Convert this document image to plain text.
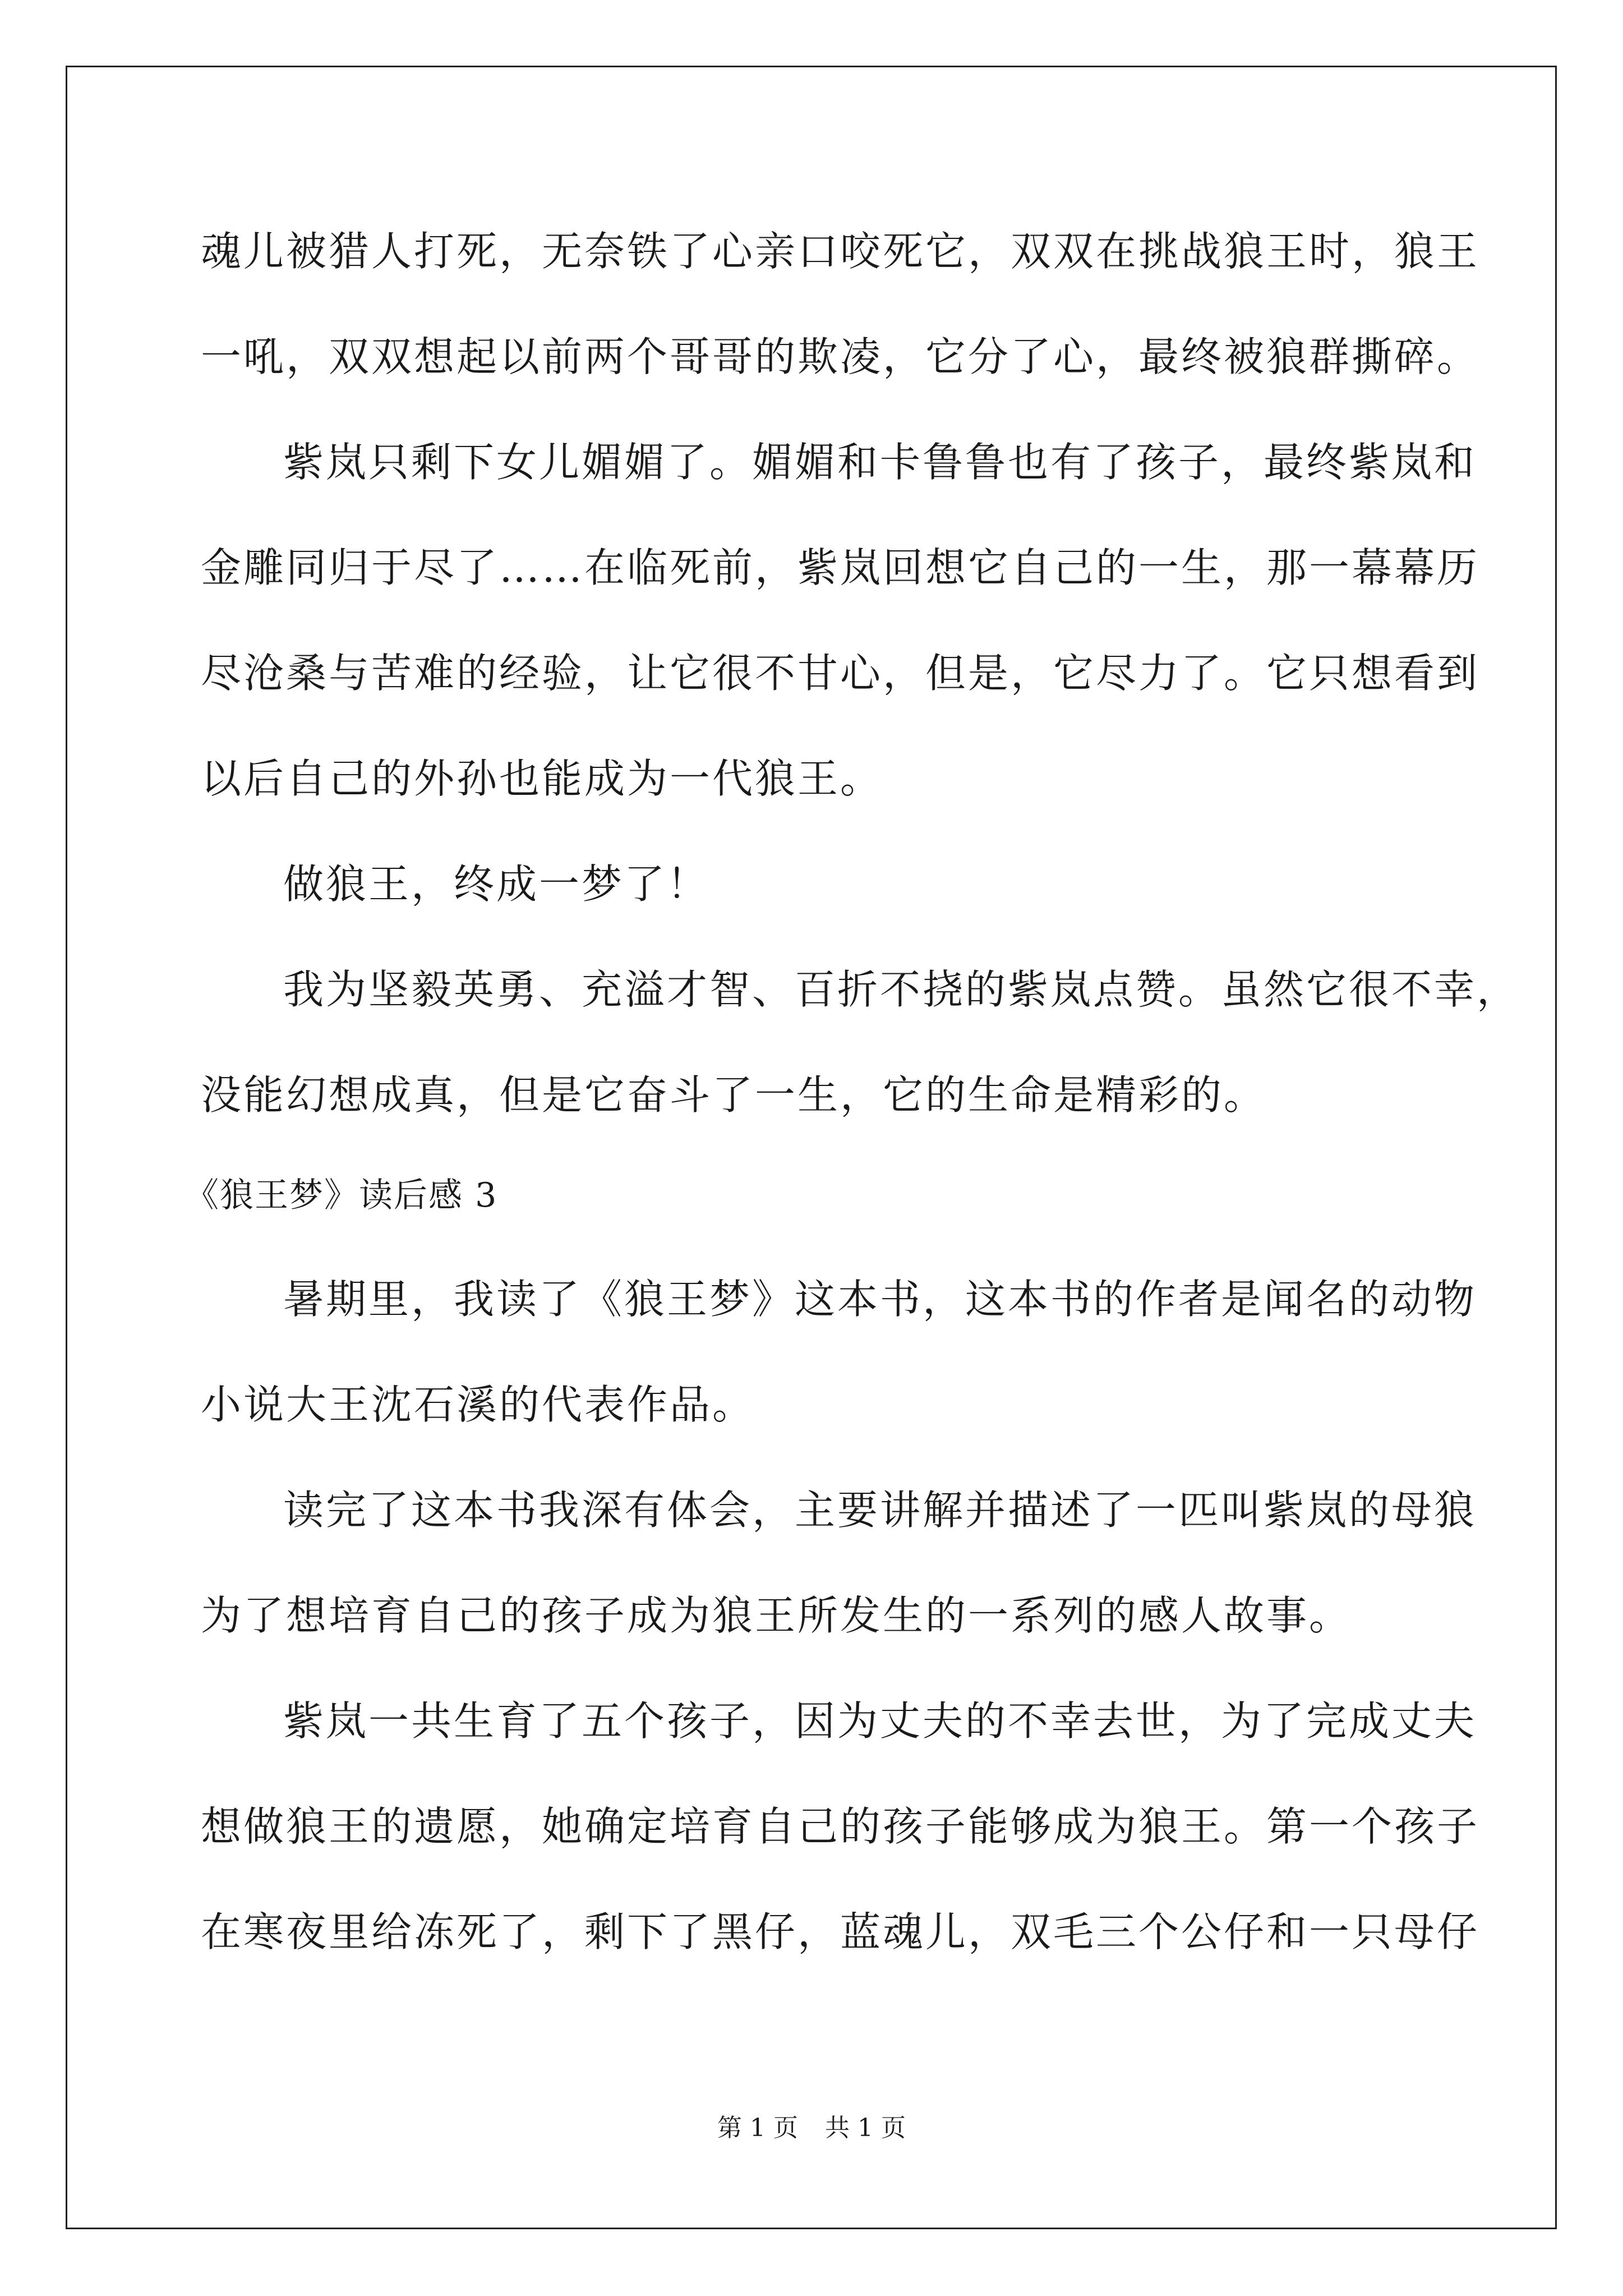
魂儿被猎人打死，无奈铁了心亲口咬死它，双双在挑战狼王时，狼王
一吼，双双想起以前两个哥哥的欺凌，它分了心，最终被狼群撕碎。
紫岚只剩下女儿媚媚了。媚媚和卡鲁鲁也有了孩子，最终紫岚和
金雕同归于尽了……在临死前，紫岚回想它自己的一生，那一幕幕历
尽沧桑与苦难的经验，让它很不甘心，但是，它尽力了。它只想看到
以后自己的外孙也能成为一代狼王。
做狼王，终成一梦了！
我为坚毅英勇、充溢才智、百折不挠的紫岚点赞。虽然它很不幸，
没能幻想成真，但是它奋斗了一生，它的生命是精彩的。
《狼王梦》读后感 3
暑期里，我读了《狼王梦》这本书，这本书的作者是闻名的动物
小说大王沈石溪的代表作品。
读完了这本书我深有体会，主要讲解并描述了一匹叫紫岚的母狼
为了想培育自己的孩子成为狼王所发生的一系列的感人故事。
紫岚一共生育了五个孩子，因为丈夫的不幸去世，为了完成丈夫
想做狼王的遗愿，她确定培育自己的孩子能够成为狼王。第一个孩子
在寒夜里给冻死了，剩下了黑仔，蓝魂儿，双毛三个公仔和一只母仔
第 1 页 共 1 页
